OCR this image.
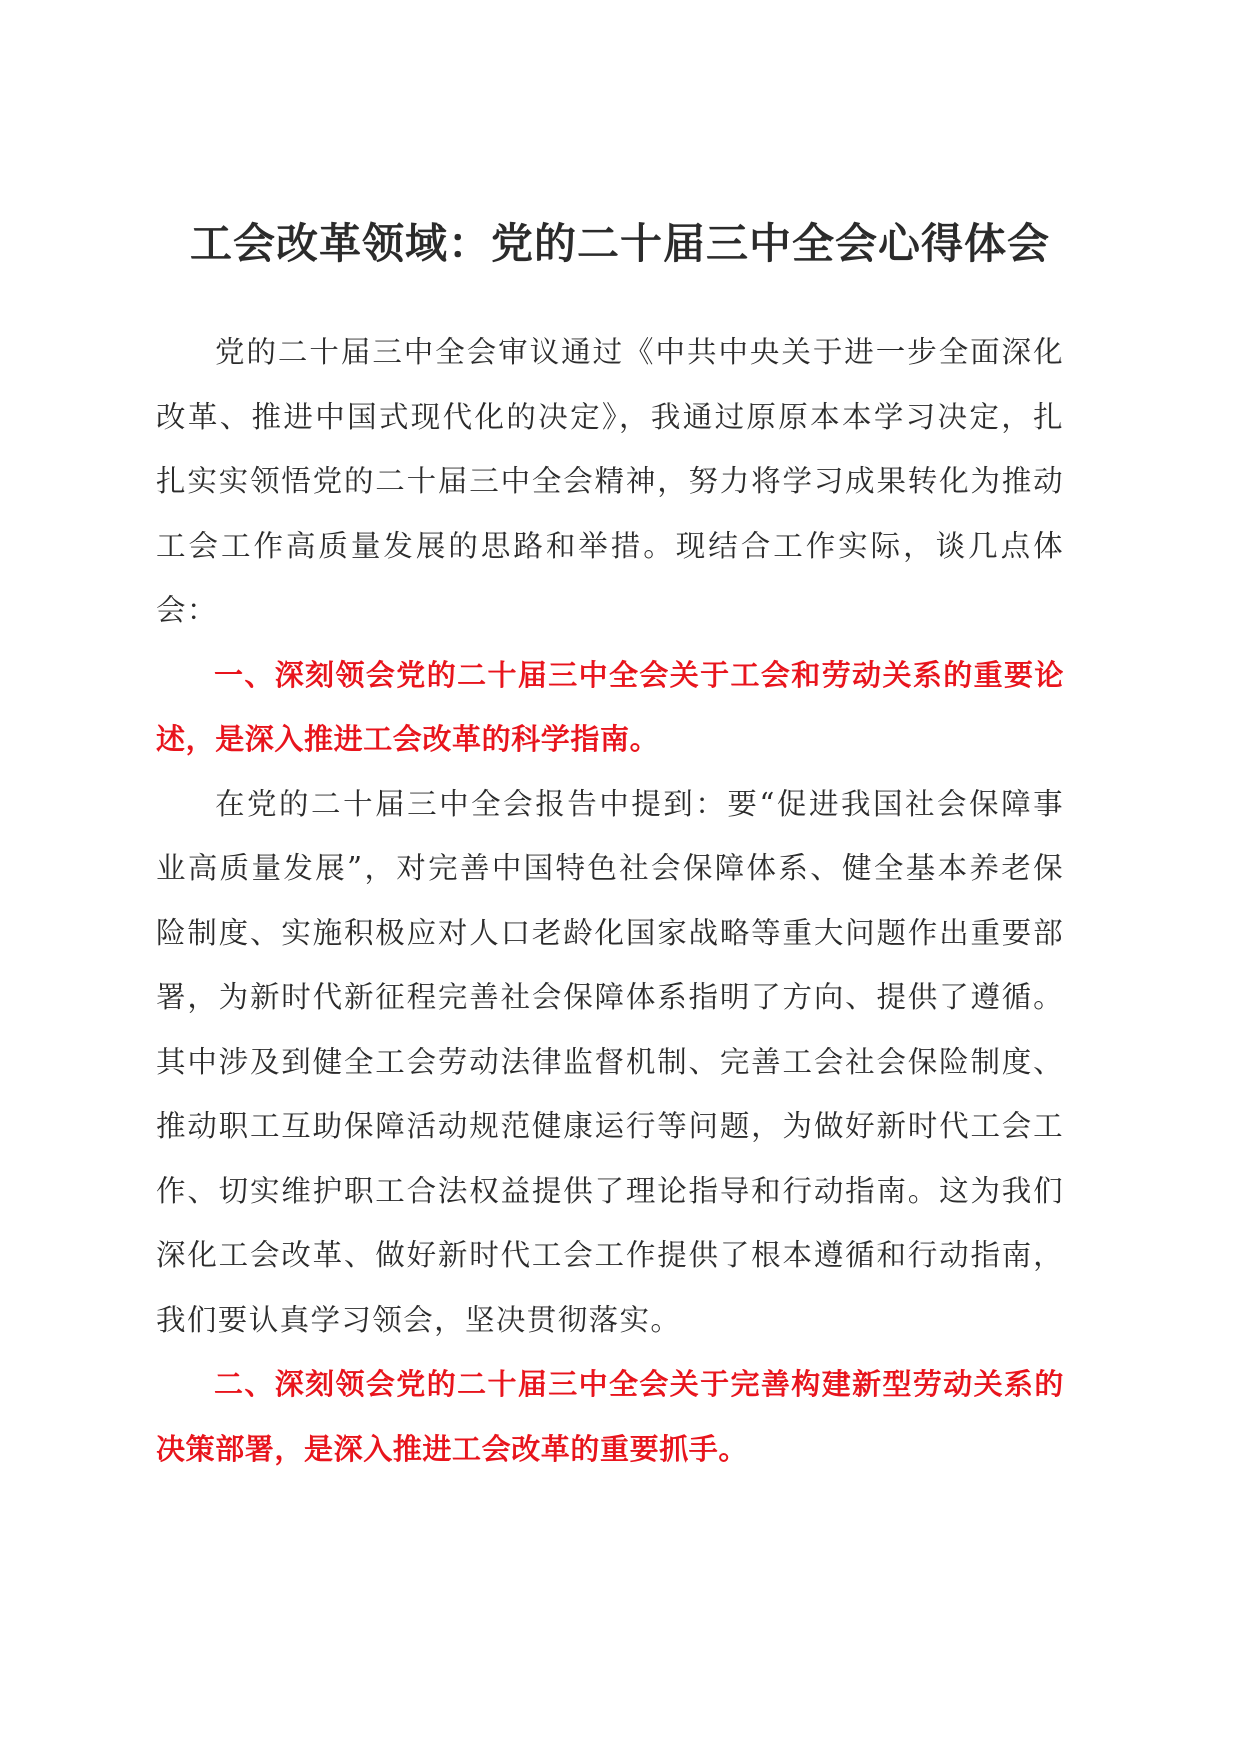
工会改革领域：党的二十届三中全会心得体会

党的二十届三中全会审议通过《中共中央关于进一步全面深化改革、推进中国式现代化的决定》，我通过原原本本学习决定，扎扎实实领悟党的二十届三中全会精神，努力将学习成果转化为推动工会工作高质量发展的思路和举措。现结合工作实际，谈几点体会：

一、深刻领会党的二十届三中全会关于工会和劳动关系的重要论述，是深入推进工会改革的科学指南。

在党的二十届三中全会报告中提到：要“促进我国社会保障事业高质量发展”，对完善中国特色社会保障体系、健全基本养老保险制度、实施积极应对人口老龄化国家战略等重大问题作出重要部署，为新时代新征程完善社会保障体系指明了方向、提供了遵循。其中涉及到健全工会劳动法律监督机制、完善工会社会保险制度、推动职工互助保障活动规范健康运行等问题，为做好新时代工会工作、切实维护职工合法权益提供了理论指导和行动指南。这为我们深化工会改革、做好新时代工会工作提供了根本遵循和行动指南，我们要认真学习领会，坚决贯彻落实。

二、深刻领会党的二十届三中全会关于完善构建新型劳动关系的决策部署，是深入推进工会改革的重要抓手。
